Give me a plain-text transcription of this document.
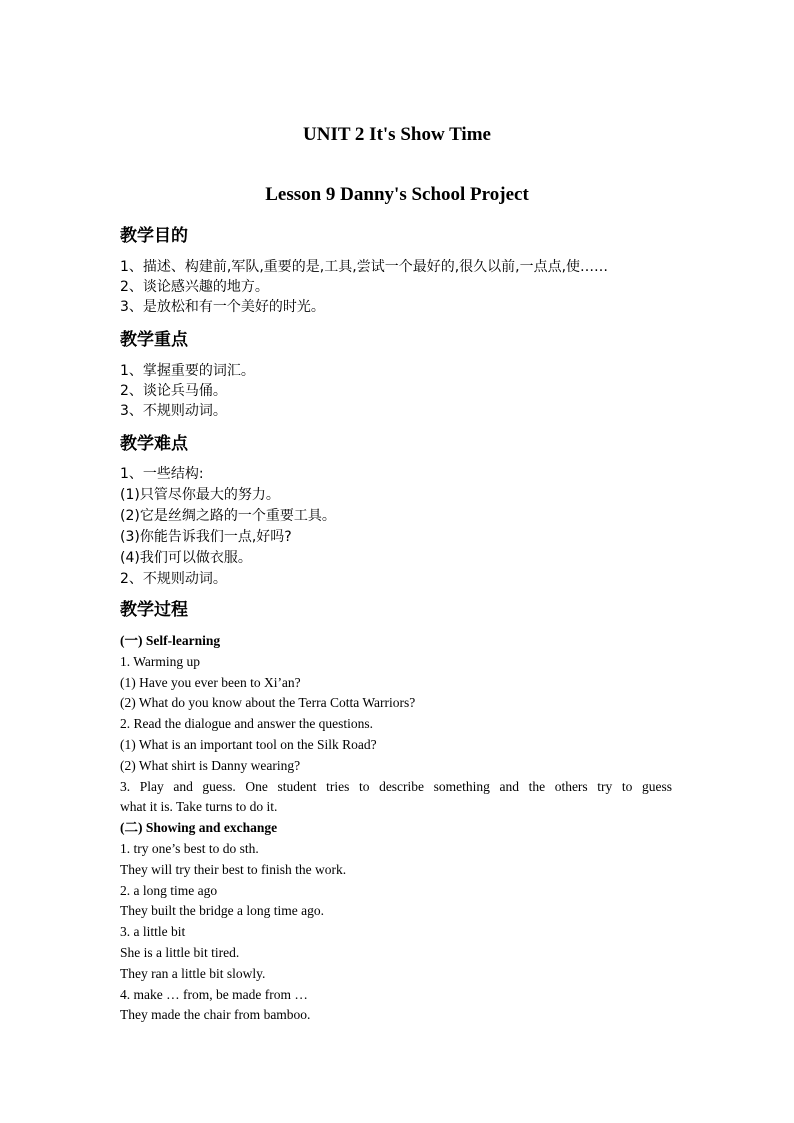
UNIT 2 It's Show Time
Lesson 9 Danny's School Project
教学目的
1、描述、构建前,军队,重要的是,工具,尝试一个最好的,很久以前,一点点,使……
2、谈论感兴趣的地方。
3、是放松和有一个美好的时光。
教学重点
1、掌握重要的词汇。
2、谈论兵马俑。
3、不规则动词。
教学难点
1、一些结构:
(1)只管尽你最大的努力。
(2)它是丝绸之路的一个重要工具。
(3)你能告诉我们一点,好吗?
(4)我们可以做衣服。
2、不规则动词。
教学过程
(一) Self-learning
1. Warming up
(1) Have you ever been to Xi’an?
(2) What do you know about the Terra Cotta Warriors?
2. Read the dialogue and answer the questions.
(1) What is an important tool on the Silk Road?
(2) What shirt is Danny wearing?
3. Play and guess. One student tries to describe something and the others try to guess
what it is. Take turns to do it.
(二) Showing and exchange
1. try one’s best to do sth.
They will try their best to finish the work.
2. a long time ago
They built the bridge a long time ago.
3. a little bit
She is a little bit tired.
They ran a little bit slowly.
4. make … from, be made from …
They made the chair from bamboo.
